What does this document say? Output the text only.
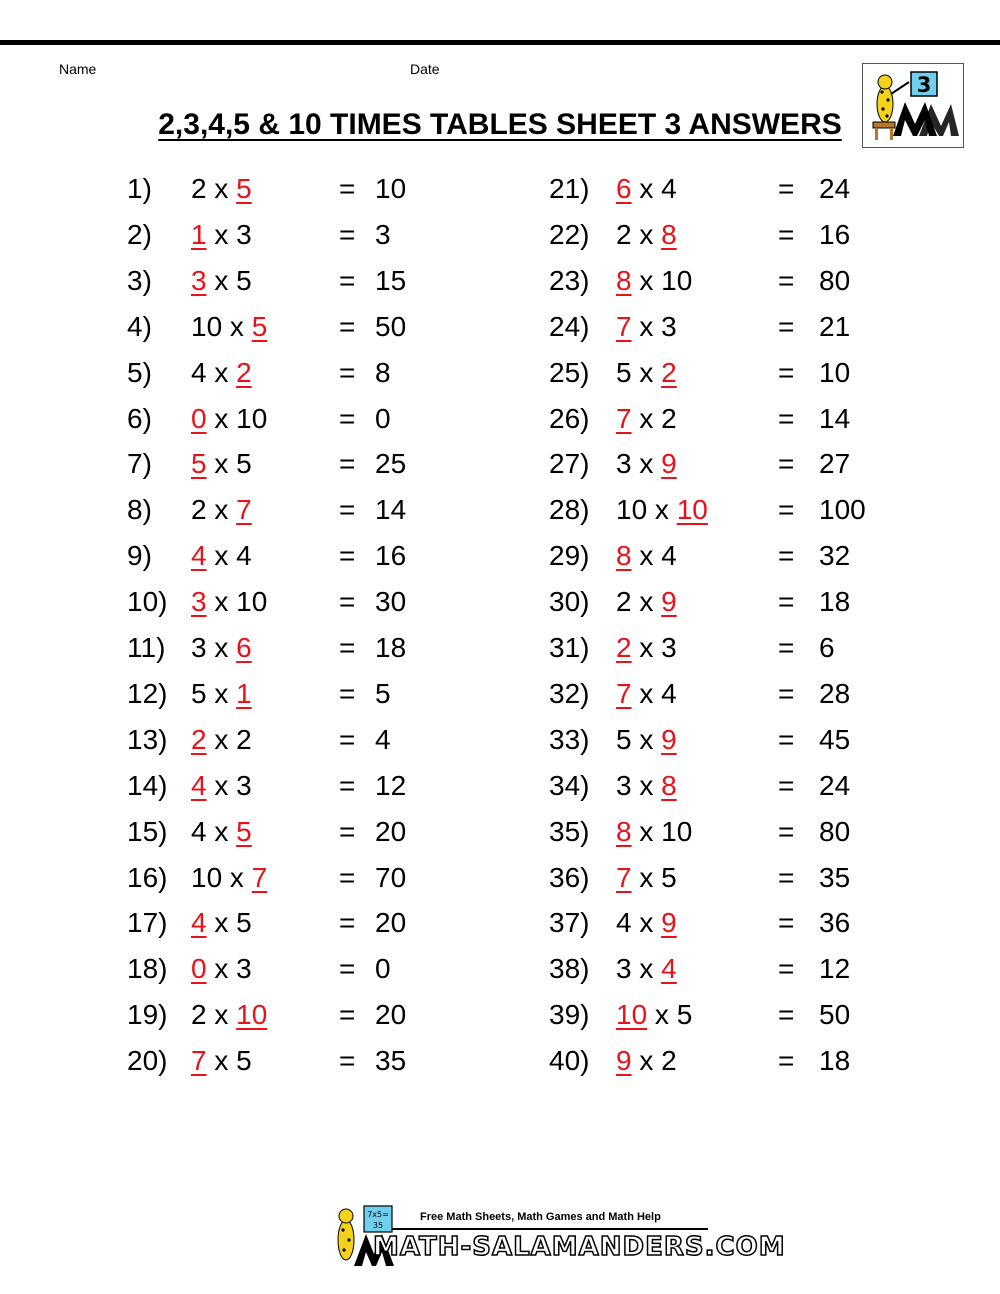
Name	Date
2,3,4,5 & 10 TIMES TABLES SHEET 3 ANSWERS
3
1) 2 x 5	= 10
2) 1 x 3	= 3
3) 3 x 5	= 15
4) 10 x 5	= 50
5) 4 x 2	= 8
6) 0 x 10	= 0
7) 5 x 5	= 25
8) 2 x 7	= 14
9) 4 x 4	= 16
10) 3 x 10	= 30
11) 3 x 6	= 18
12) 5 x 1	= 5
13) 2 x 2	= 4
14) 4 x 3	= 12
15) 4 x 5	= 20
16) 10 x 7	= 70
17) 4 x 5	= 20
18) 0 x 3	= 0
19) 2 x 10	= 20
20) 7 x 5	= 35
21) 6 x 4	= 24
22) 2 x 8	= 16
23) 8 x 10	= 80
24) 7 x 3	= 21
25) 5 x 2	= 10
26) 7 x 2	= 14
27) 3 x 9	= 27
28) 10 x 10	= 100
29) 8 x 4	= 32
30) 2 x 9	= 18
31) 2 x 3	= 6
32) 7 x 4	= 28
33) 5 x 9	= 45
34) 3 x 8	= 24
35) 8 x 10	= 80
36) 7 x 5	= 35
37) 4 x 9	= 36
38) 3 x 4	= 12
39) 10 x 5	= 50
40) 9 x 2	= 18
7x5=
35
Free Math Sheets, Math Games and Math Help
MATH-SALAMANDERS.COM
